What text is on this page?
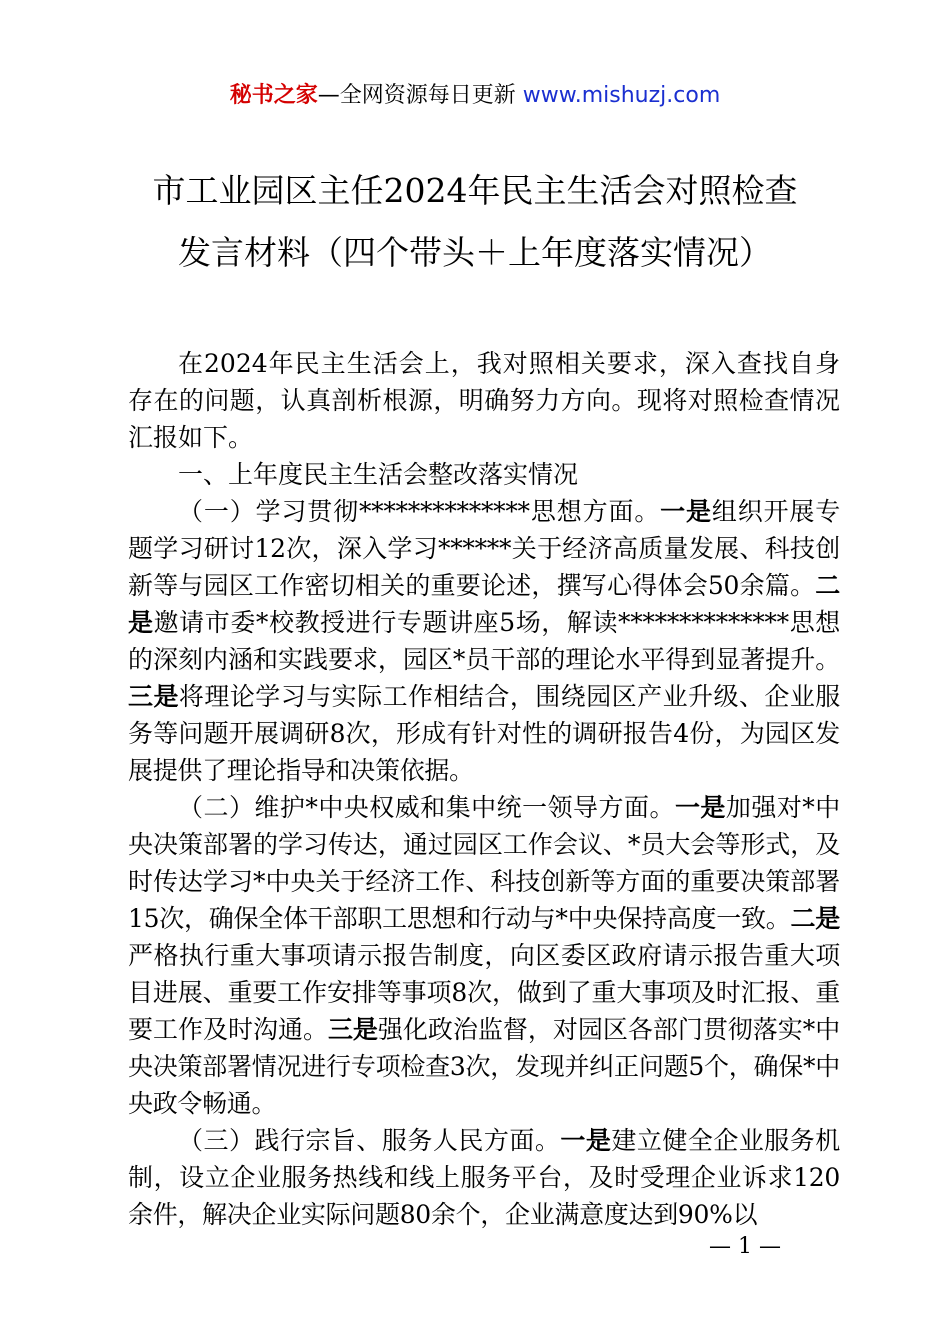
秘书之家—全网资源每日更新 www.mishuzj.com
市工业园区主任2024年民主生活会对照检查
发言材料（四个带头＋上年度落实情况）

在2024年民主生活会上，我对照相关要求，深入查找自身存在的问题，认真剖析根源，明确努力方向。现将对照检查情况汇报如下。

一、上年度民主生活会整改落实情况

（一）学习贯彻**************思想方面。一是组织开展专题学习研讨12次，深入学习******关于经济高质量发展、科技创新等与园区工作密切相关的重要论述，撰写心得体会50余篇。二是邀请市委*校教授进行专题讲座5场，解读**************思想的深刻内涵和实践要求，园区*员干部的理论水平得到显著提升。三是将理论学习与实际工作相结合，围绕园区产业升级、企业服务等问题开展调研8次，形成有针对性的调研报告4份，为园区发展提供了理论指导和决策依据。

（二）维护*中央权威和集中统一领导方面。一是加强对*中央决策部署的学习传达，通过园区工作会议、*员大会等形式，及时传达学习*中央关于经济工作、科技创新等方面的重要决策部署15次，确保全体干部职工思想和行动与*中央保持高度一致。二是严格执行重大事项请示报告制度，向区委区政府请示报告重大项目进展、重要工作安排等事项8次，做到了重大事项及时汇报、重要工作及时沟通。三是强化政治监督，对园区各部门贯彻落实*中央决策部署情况进行专项检查3次，发现并纠正问题5个，确保*中央政令畅通。

（三）践行宗旨、服务人民方面。一是建立健全企业服务机制，设立企业服务热线和线上服务平台，及时受理企业诉求120余件，解决企业实际问题80余个，企业满意度达到90%以

— 1 —
